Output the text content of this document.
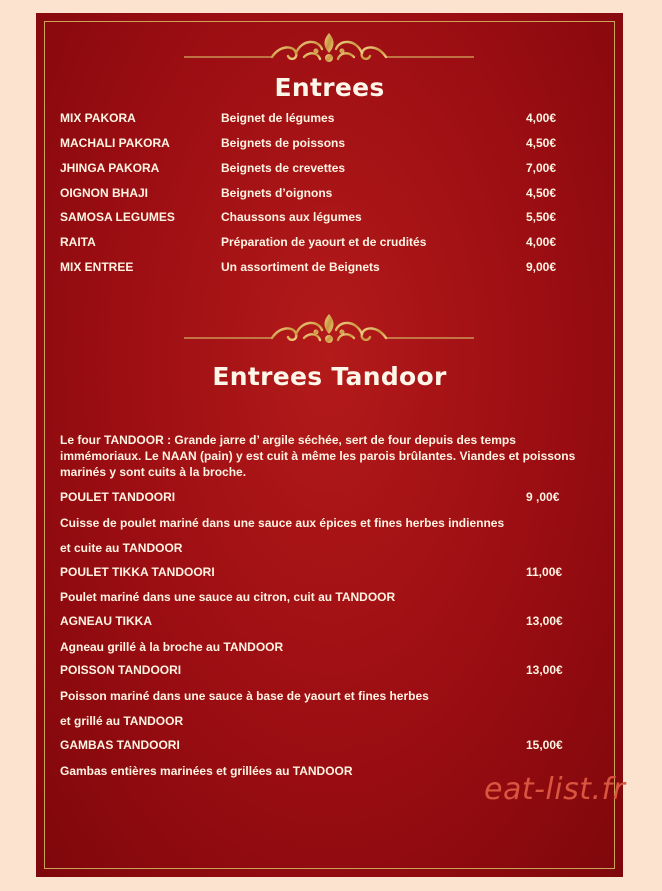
Entrees
MIX PAKORA	Beignet de légumes	4,00€
MACHALI PAKORA	Beignets de poissons	4,50€
JHINGA PAKORA	Beignets de crevettes	7,00€
OIGNON BHAJI	Beignets d’oignons	4,50€
SAMOSA LEGUMES	Chaussons aux légumes	5,50€
RAITA	Préparation de yaourt et de crudités	4,00€
MIX ENTREE	Un assortiment de Beignets	9,00€
Entrees Tandoor
Le four TANDOOR : Grande jarre d’ argile séchée, sert de four depuis des temps immémoriaux. Le NAAN (pain) y est cuit à même les parois brûlantes. Viandes et poissons marinés y sont cuits à la broche.
POULET TANDOORI	9 ,00€
Cuisse de poulet mariné dans une sauce aux épices et fines herbes indiennes
et cuite au TANDOOR
POULET TIKKA TANDOORI	11,00€
Poulet mariné dans une sauce au citron, cuit au TANDOOR
AGNEAU TIKKA	13,00€
Agneau grillé à la broche au TANDOOR
POISSON TANDOORI	13,00€
Poisson mariné dans une sauce à base de yaourt et fines herbes
et grillé au TANDOOR
GAMBAS TANDOORI	15,00€
Gambas entières marinées et grillées au TANDOOR
eat-list.fr
